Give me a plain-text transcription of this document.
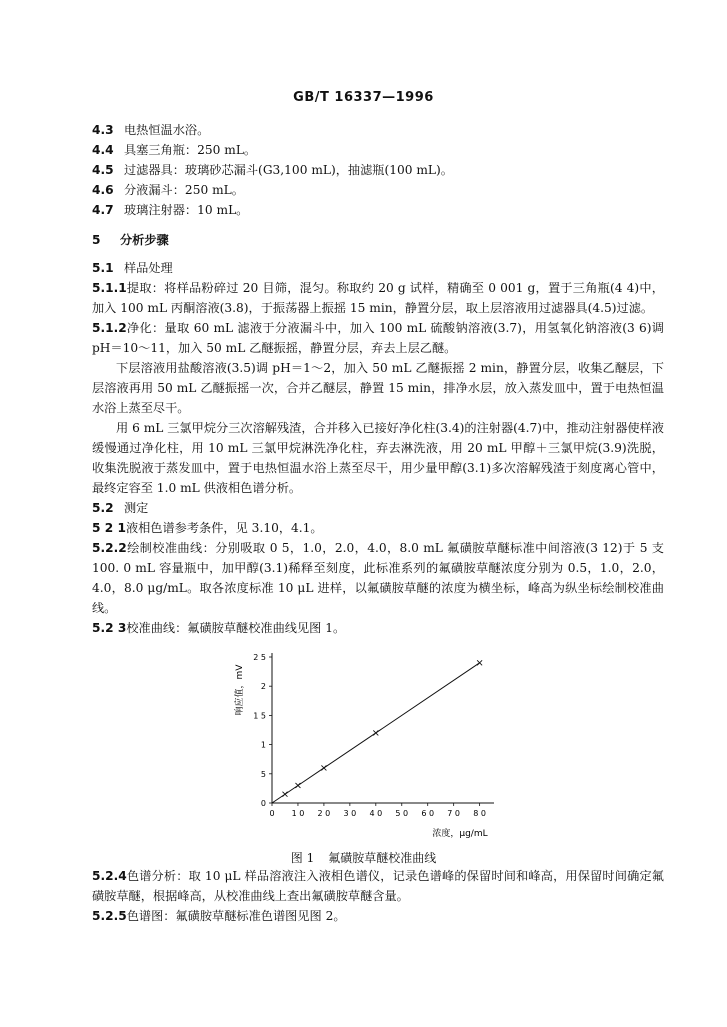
GB/T 16337—1996
4.3 电热恒温水浴。
4.4 具塞三角瓶：250 mL。
4.5 过滤器具：玻璃砂芯漏斗(G3,100 mL)，抽滤瓶(100 mL)。
4.6 分液漏斗：250 mL。
4.7 玻璃注射器：10 mL。
5 分析步骤
5.1 样品处理
5.1.1提取：将样品粉碎过 20 目筛，混匀。称取约 20 g 试样，精确至 0 001 g，置于三角瓶(4 4)中，加入 100 mL 丙酮溶液(3.8)，于振荡器上振摇 15 min，静置分层，取上层溶液用过滤器具(4.5)过滤。
5.1.2净化：量取 60 mL 滤液于分液漏斗中，加入 100 mL 硫酸钠溶液(3.7)，用氢氧化钠溶液(3 6)调pH＝10～11，加入 50 mL 乙醚振摇，静置分层，弃去上层乙醚。
下层溶液用盐酸溶液(3.5)调 pH＝1～2，加入 50 mL 乙醚振摇 2 min，静置分层，收集乙醚层，下层溶液再用 50 mL 乙醚振摇一次，合并乙醚层，静置 15 min，排净水层，放入蒸发皿中，置于电热恒温水浴上蒸至尽干。
用 6 mL 三氯甲烷分三次溶解残渣，合并移入已接好净化柱(3.4)的注射器(4.7)中，推动注射器使样液缓慢通过净化柱，用 10 mL 三氯甲烷淋洗净化柱，弃去淋洗液，用 20 mL 甲醇＋三氯甲烷(3.9)洗脱，收集洗脱液于蒸发皿中，置于电热恒温水浴上蒸至尽干，用少量甲醇(3.1)多次溶解残渣于刻度离心管中，最终定容至 1.0 mL 供液相色谱分析。
5.2 测定
5 2 1液相色谱参考条件，见 3.10，4.1。
5.2.2绘制校准曲线：分别吸取 0 5，1.0，2.0，4.0，8.0 mL 氟磺胺草醚标准中间溶液(3 12)于 5 支100. 0 mL 容量瓶中，加甲醇(3.1)稀释至刻度，此标准系列的氟磺胺草醚浓度分别为 0.5，1.0，2.0，4.0，8.0 μg/mL。取各浓度标准 10 μL 进样，以氟磺胺草醚的浓度为横坐标，峰高为纵坐标绘制校准曲线。
5.2 3校准曲线：氟磺胺草醚校准曲线见图 1。
0 1 0 2 0 3 0 4 0 5 0 6 0 7 0 8 0
0
5
1
1 5
2
2 5
响应值，mV
浓度，μg/mL
图 1 氟磺胺草醚校准曲线
5.2.4色谱分析：取 10 μL 样品溶液注入液相色谱仪，记录色谱峰的保留时间和峰高，用保留时间确定氟磺胺草醚，根据峰高，从校准曲线上查出氟磺胺草醚含量。
5.2.5色谱图：氟磺胺草醚标准色谱图见图 2。
